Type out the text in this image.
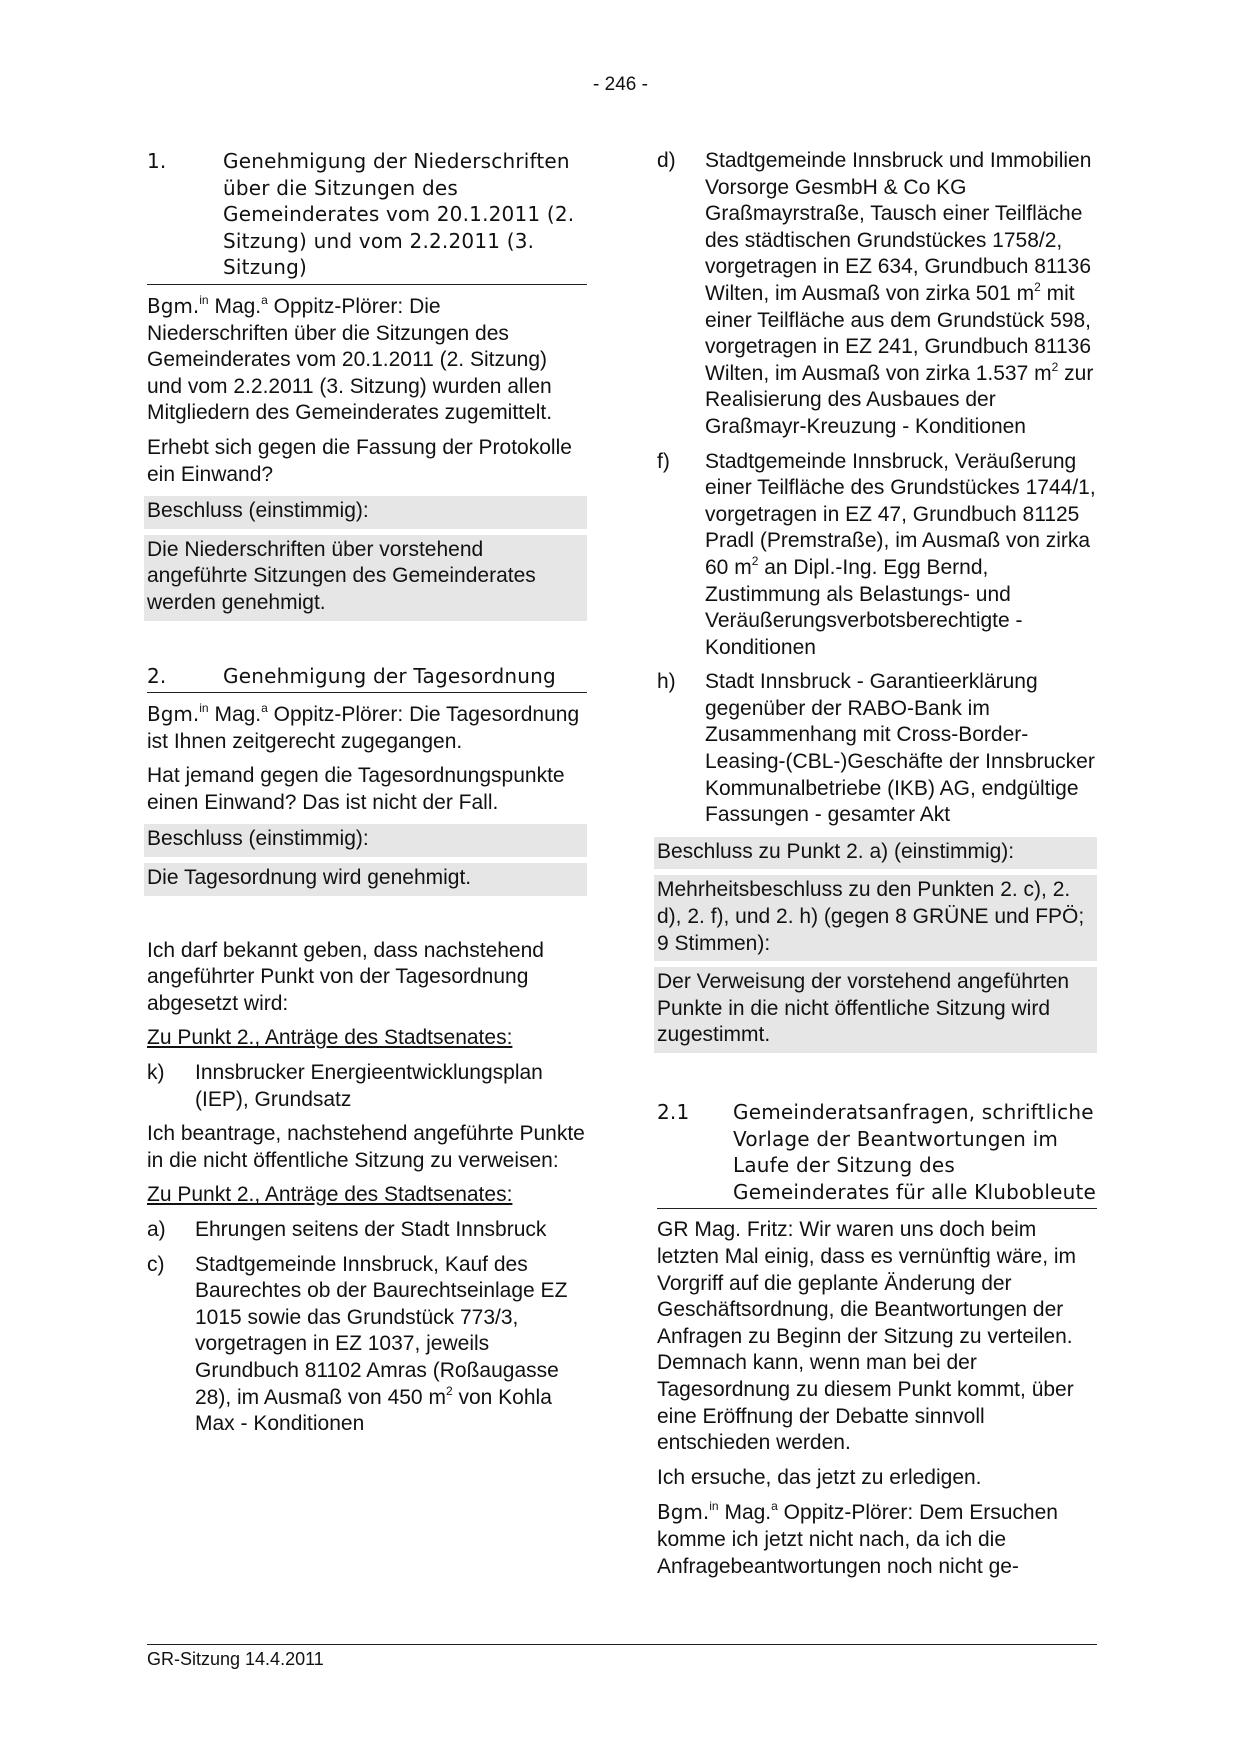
- 246 -
1.	Genehmigung der Niederschriften über die Sitzungen des Gemeinderates vom 20.1.2011 (2. Sitzung) und vom 2.2.2011 (3. Sitzung)

Bgm.$^{in}$ Mag.$^a$ Oppitz-Plörer: Die Niederschriften über die Sitzungen des Gemeinderates vom 20.1.2011 (2. Sitzung) und vom 2.2.2011 (3. Sitzung) wurden allen Mitgliedern des Gemeinderates zugemittelt.

Erhebt sich gegen die Fassung der Protokolle ein Einwand?

Beschluss (einstimmig):

Die Niederschriften über vorstehend angeführte Sitzungen des Gemeinderates werden genehmigt.

2.	Genehmigung der Tagesordnung

Bgm.$^{in}$ Mag.$^a$ Oppitz-Plörer: Die Tagesordnung ist Ihnen zeitgerecht zugegangen.

Hat jemand gegen die Tagesordnungspunkte einen Einwand? Das ist nicht der Fall.

Beschluss (einstimmig):

Die Tagesordnung wird genehmigt.

Ich darf bekannt geben, dass nachstehend angeführter Punkt von der Tagesordnung abgesetzt wird:

Zu Punkt 2., Anträge des Stadtsenates:
k)	Innsbrucker Energieentwicklungsplan (IEP), Grundsatz

Ich beantrage, nachstehend angeführte Punkte in die nicht öffentliche Sitzung zu verweisen:

Zu Punkt 2., Anträge des Stadtsenates:
a)	Ehrungen seitens der Stadt Innsbruck
c)	Stadtgemeinde Innsbruck, Kauf des Baurechtes ob der Baurechtseinlage EZ 1015 sowie das Grundstück 773/3, vorgetragen in EZ 1037, jeweils Grundbuch 81102 Amras (Roßaugasse 28), im Ausmaß von 450 $m^2$ von Kohla Max - Konditionen
d)	Stadtgemeinde Innsbruck und Immobilien Vorsorge GesmbH & Co KG Graßmayrstraße, Tausch einer Teilfläche des städtischen Grundstückes 1758/2, vorgetragen in EZ 634, Grundbuch 81136 Wilten, im Ausmaß von zirka 501 $m^2$ mit einer Teilfläche aus dem Grundstück 598, vorgetragen in EZ 241, Grundbuch 81136 Wilten, im Ausmaß von zirka 1.537 $m^2$ zur Realisierung des Ausbaues der Graßmayr-Kreuzung - Konditionen
f)	Stadtgemeinde Innsbruck, Veräußerung einer Teilfläche des Grundstückes 1744/1, vorgetragen in EZ 47, Grundbuch 81125 Pradl (Premstraße), im Ausmaß von zirka 60 $m^2$ an Dipl.-Ing. Egg Bernd, Zustimmung als Belastungs- und Veräußerungsverbotsberechtigte - Konditionen
h)	Stadt Innsbruck - Garantieerklärung gegenüber der RABO-Bank im Zusammenhang mit Cross-Border-Leasing-(CBL-)Geschäfte der Innsbrucker Kommunalbetriebe (IKB) AG, endgültige Fassungen - gesamter Akt

Beschluss zu Punkt 2. a) (einstimmig):

Mehrheitsbeschluss zu den Punkten 2. c), 2. d), 2. f), und 2. h) (gegen 8 GRÜNE und FPÖ; 9 Stimmen):

Der Verweisung der vorstehend angeführten Punkte in die nicht öffentliche Sitzung wird zugestimmt.

2.1	Gemeinderatsanfragen, schriftliche Vorlage der Beantwortungen im Laufe der Sitzung des Gemeinderates für alle Klubobleute

GR Mag. Fritz: Wir waren uns doch beim letzten Mal einig, dass es vernünftig wäre, im Vorgriff auf die geplante Änderung der Geschäftsordnung, die Beantwortungen der Anfragen zu Beginn der Sitzung zu verteilen. Demnach kann, wenn man bei der Tagesordnung zu diesem Punkt kommt, über eine Eröffnung der Debatte sinnvoll entschieden werden.

Ich ersuche, das jetzt zu erledigen.

Bgm.$^{in}$ Mag.$^a$ Oppitz-Plörer: Dem Ersuchen komme ich jetzt nicht nach, da ich die Anfragebeantwortungen noch nicht ge-

GR-Sitzung 14.4.2011
